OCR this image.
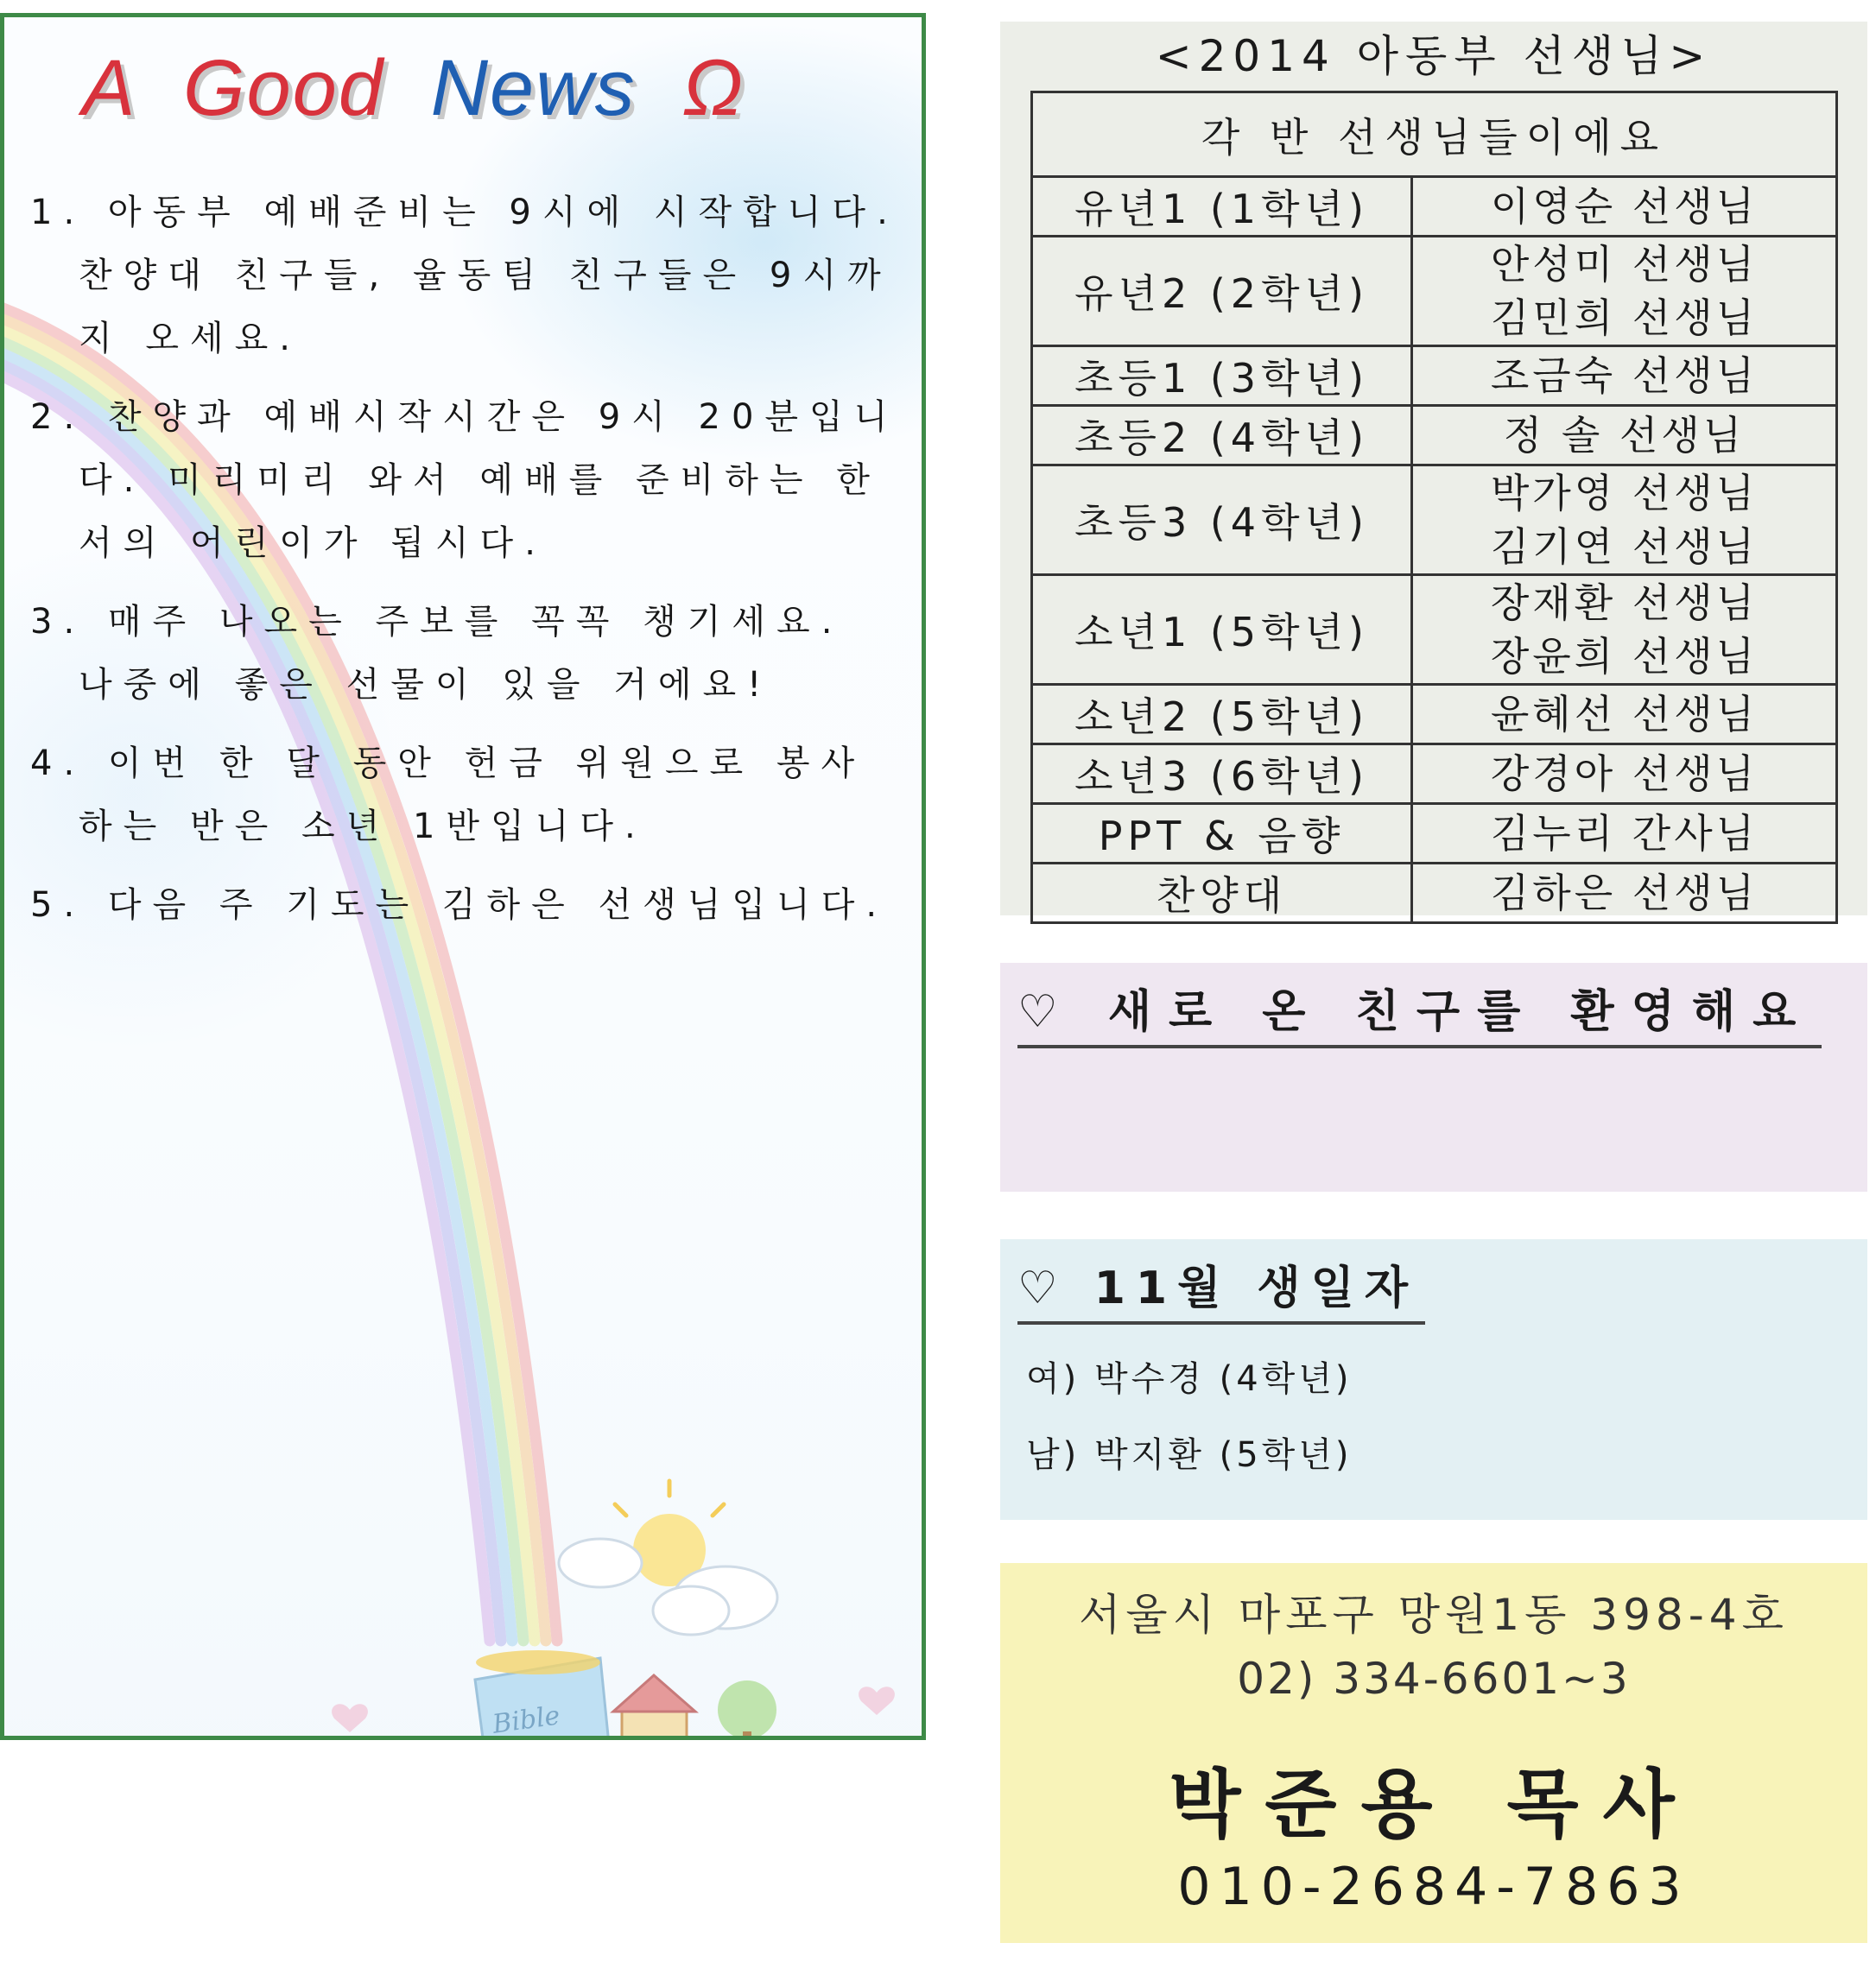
A Good News Ω
1. 아동부 예배준비는 9시에 시작합니다. 찬양대 친구들, 율동팀 친구들은 9시까지 오세요.
2. 찬양과 예배시작시간은 9시 20분입니다. 미리미리 와서 예배를 준비하는 한서의 어린이가 됩시다.
3. 매주 나오는 주보를 꼭꼭 챙기세요. 나중에 좋은 선물이 있을 거에요!
4. 이번 한 달 동안 헌금 위원으로 봉사하는 반은 소년 1반입니다.
5. 다음 주 기도는 김하은 선생님입니다.
Bible
<2014 아동부 선생님>
각 반 선생님들이에요	
유년1 (1학년)	이영순 선생님

유년2 (2학년)	안성미 선생님
김민희 선생님

초등1 (3학년)	조금숙 선생님

초등2 (4학년)	정 솔 선생님

초등3 (4학년)	박가영 선생님
김기연 선생님

소년1 (5학년)	장재환 선생님
장윤희 선생님

소년2 (5학년)	윤혜선 선생님

소년3 (6학년)	강경아 선생님

PPT & 음향	김누리 간사님

찬양대	김하은 선생님
♡ 새로 온 친구를 환영해요
♡ 11월 생일자
여) 박수경 (4학년)
남) 박지환 (5학년)
서울시 마포구 망원1동 398-4호
02) 334-6601~3
박준용 목사
010-2684-7863
